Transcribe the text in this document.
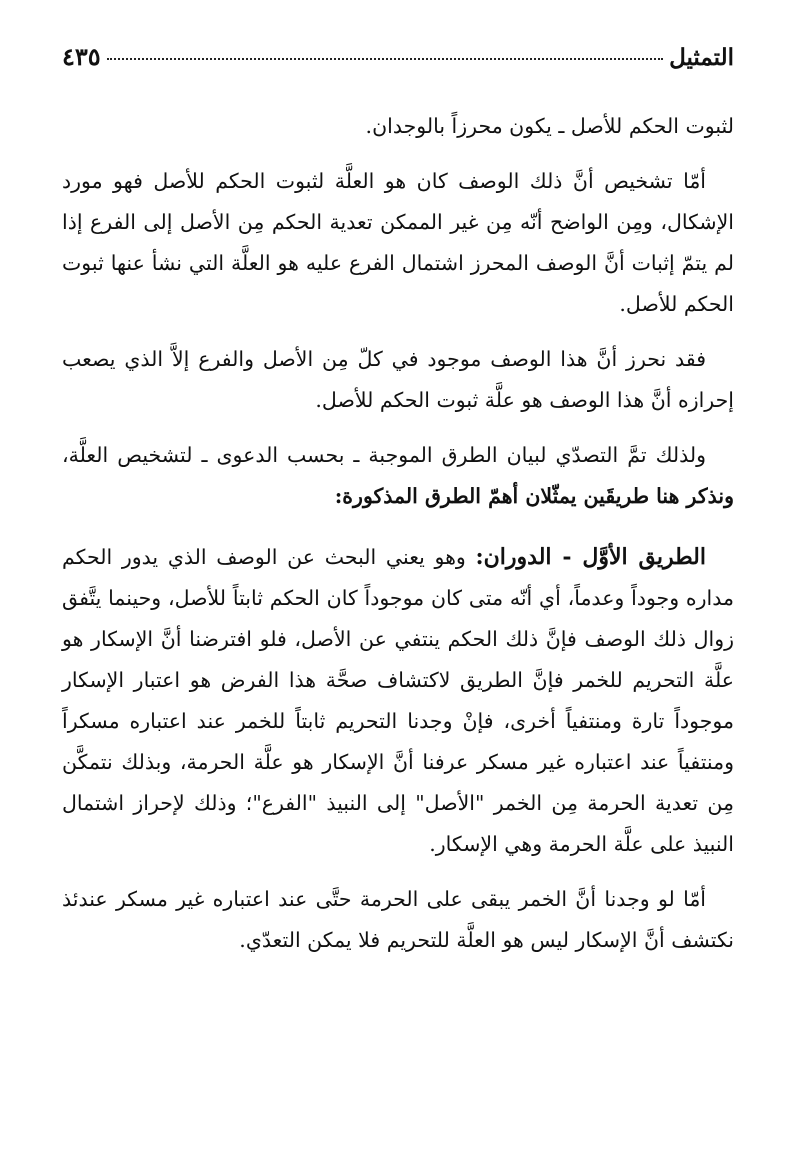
التمثيل
٤٣٥

لثبوت الحكم للأصل ـ يكون محرزاً بالوجدان.

أمّا تشخيص أنَّ ذلك الوصف كان هو العلَّة لثبوت الحكم للأصل فهو مورد الإشكال، ومِن الواضح أنّه مِن غير الممكن تعدية الحكم مِن الأصل إلى الفرع إذا لم يتمّ إثبات أنَّ الوصف المحرز اشتمال الفرع عليه هو العلَّة التي نشأ عنها ثبوت الحكم للأصل.

فقد نحرز أنَّ هذا الوصف موجود في كلّ مِن الأصل والفرع إلاَّ الذي يصعب إحرازه أنَّ هذا الوصف هو علَّة ثبوت الحكم للأصل.

ولذلك تمَّ التصدّي لبيان الطرق الموجبة ـ بحسب الدعوى ـ لتشخيص العلَّة، ونذكر هنا طريقَين يمثّلان أهمّ الطرق المذكورة:

الطريق الأوَّل - الدوران: وهو يعني البحث عن الوصف الذي يدور الحكم مداره وجوداً وعدماً، أي أنّه متى كان موجوداً كان الحكم ثابتاً للأصل، وحينما يتَّفق زوال ذلك الوصف فإنَّ ذلك الحكم ينتفي عن الأصل، فلو افترضنا أنَّ الإسكار هو علَّة التحريم للخمر فإنَّ الطريق لاكتشاف صحَّة هذا الفرض هو اعتبار الإسكار موجوداً تارة ومنتفياً أخرى، فإنْ وجدنا التحريم ثابتاً للخمر عند اعتباره مسكراً ومنتفياً عند اعتباره غير مسكر عرفنا أنَّ الإسكار هو علَّة الحرمة، وبذلك نتمكَّن مِن تعدية الحرمة مِن الخمر "الأصل" إلى النبيذ "الفرع"؛ وذلك لإحراز اشتمال النبيذ على علَّة الحرمة وهي الإسكار.

أمّا لو وجدنا أنَّ الخمر يبقى على الحرمة حتَّى عند اعتباره غير مسكر عندئذ نكتشف أنَّ الإسكار ليس هو العلَّة للتحريم فلا يمكن التعدّي.
